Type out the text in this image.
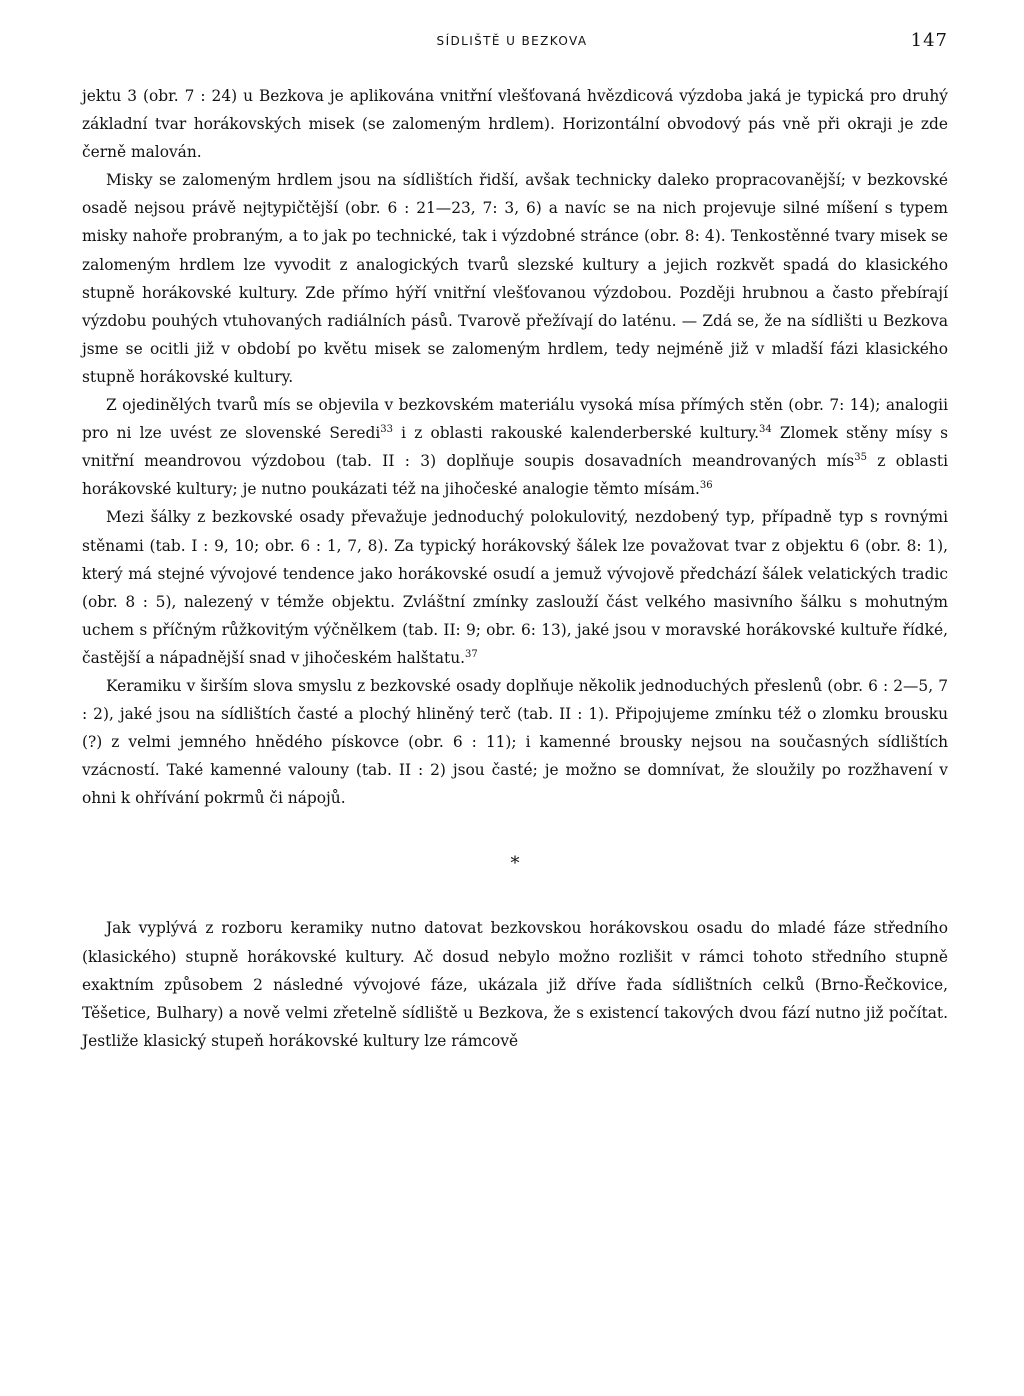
SÍDLIŠTĚ U BEZKOVA	147

jektu 3 (obr. 7 : 24) u Bezkova je aplikována vnitřní vlešťovaná hvězdicová výzdoba jaká je typická pro druhý základní tvar horákovských misek (se zalomeným hrdlem). Horizontální obvodový pás vně při okraji je zde černě malován.

Misky se zalomeným hrdlem jsou na sídlištích řidší, avšak technicky daleko propracovanější; v bezkovské osadě nejsou právě nejtypičtější (obr. 6 : 21—23, 7: 3, 6) a navíc se na nich projevuje silné míšení s typem misky nahoře probraným, a to jak po technické, tak i výzdobné stránce (obr. 8: 4). Tenkostěnné tvary misek se zalomeným hrdlem lze vyvodit z analogických tvarů slezské kultury a jejich rozkvět spadá do klasického stupně horákovské kultury. Zde přímo hýří vnitřní vlešťovanou výzdobou. Později hrubnou a často přebírají výzdobu pouhých vtuhovaných radiálních pásů. Tvarově přežívají do laténu. — Zdá se, že na sídlišti u Bezkova jsme se ocitli již v období po květu misek se zalomeným hrdlem, tedy nejméně již v mladší fázi klasického stupně horákovské kultury.

Z ojedinělých tvarů mís se objevila v bezkovském materiálu vysoká mísa přímých stěn (obr. 7: 14); analogii pro ni lze uvést ze slovenské Seredi$^{33}$ i z oblasti rakouské kalenderberské kultury.$^{34}$ Zlomek stěny mísy s vnitřní meandrovou výzdobou (tab. II : 3) doplňuje soupis dosavadních meandrovaných mís$^{35}$ z oblasti horákovské kultury; je nutno poukázati též na jihočeské analogie těmto mísám.$^{36}$

Mezi šálky z bezkovské osady převažuje jednoduchý polokulovitý, nezdobený typ, případně typ s rovnými stěnami (tab. I : 9, 10; obr. 6 : 1, 7, 8). Za typický horákovský šálek lze považovat tvar z objektu 6 (obr. 8: 1), který má stejné vývojové tendence jako horákovské osudí a jemuž vývojově předchází šálek velatických tradic (obr. 8 : 5), nalezený v témže objektu. Zvláštní zmínky zaslouží část velkého masivního šálku s mohutným uchem s příčným růžkovitým výčnělkem (tab. II: 9; obr. 6: 13), jaké jsou v moravské horákovské kultuře řídké, častější a nápadnější snad v jihočeském halštatu.$^{37}$

Keramiku v širším slova smyslu z bezkovské osady doplňuje několik jednoduchých přeslenů (obr. 6 : 2—5, 7 : 2), jaké jsou na sídlištích časté a plochý hliněný terč (tab. II : 1). Připojujeme zmínku též o zlomku brousku (?) z velmi jemného hnědého pískovce (obr. 6 : 11); i kamenné brousky nejsou na současných sídlištích vzácností. Také kamenné valouny (tab. II : 2) jsou časté; je možno se domnívat, že sloužily po rozžhavení v ohni k ohřívání pokrmů či nápojů.

*

Jak vyplývá z rozboru keramiky nutno datovat bezkovskou horákovskou osadu do mladé fáze středního (klasického) stupně horákovské kultury. Ač dosud nebylo možno rozlišit v rámci tohoto středního stupně exaktním způsobem 2 následné vývojové fáze, ukázala již dříve řada sídlištních celků (Brno-Řečkovice, Těšetice, Bulhary) a nově velmi zřetelně sídliště u Bezkova, že s existencí takových dvou fází nutno již počítat. Jestliže klasický stupeň horákovské kultury lze rámcově
